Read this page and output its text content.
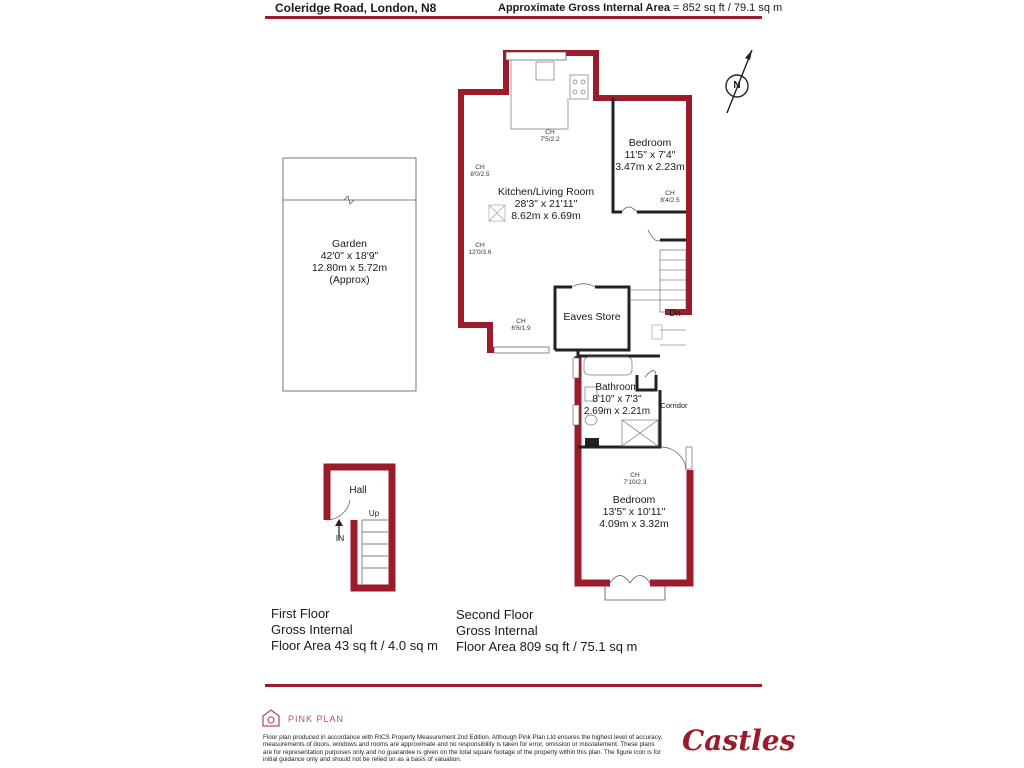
Coleridge Road, London, N8	Approximate Gross Internal Area = 852 sq ft / 79.1 sq m
Garden
42'0" x 18'9"
12.80m x 5.72m
(Approx)
Kitchen/Living Room
28'3" x 21'11"
8.62m x 6.69m
CH
7'5/2.2
CH
8'0/2.5
CH
12'0/3.6
CH
6'6/1.9
Bedroom
11'5" x 7'4"
3.47m x 2.23m
CH
8'4/2.5
Eaves Store	Dn
Bathroom
8'10" x 7'3"
2.69m x 2.21m
Corridor
CH
7'10/2.3
Bedroom
13'5" x 10'11"
4.09m x 3.32m
Hall
Up
IN
N
First Floor
Gross Internal
Floor Area 43 sq ft / 4.0 sq m
Second Floor
Gross Internal
Floor Area 809 sq ft / 75.1 sq m
PINK PLAN
Floor plan produced in accordance with RICS Property Measurement 2nd Edition. Although Pink Plan Ltd ensures the highest level of accuracy, measurements of doors, windows and rooms are approximate and no responsibility is taken for error, omission or misstatement. These plans are for representation purposes only and no guarantee is given on the total square footage of the property within this plan. The figure icon is for initial guidance only and should not be relied on as a basis of valuation.
Castles
